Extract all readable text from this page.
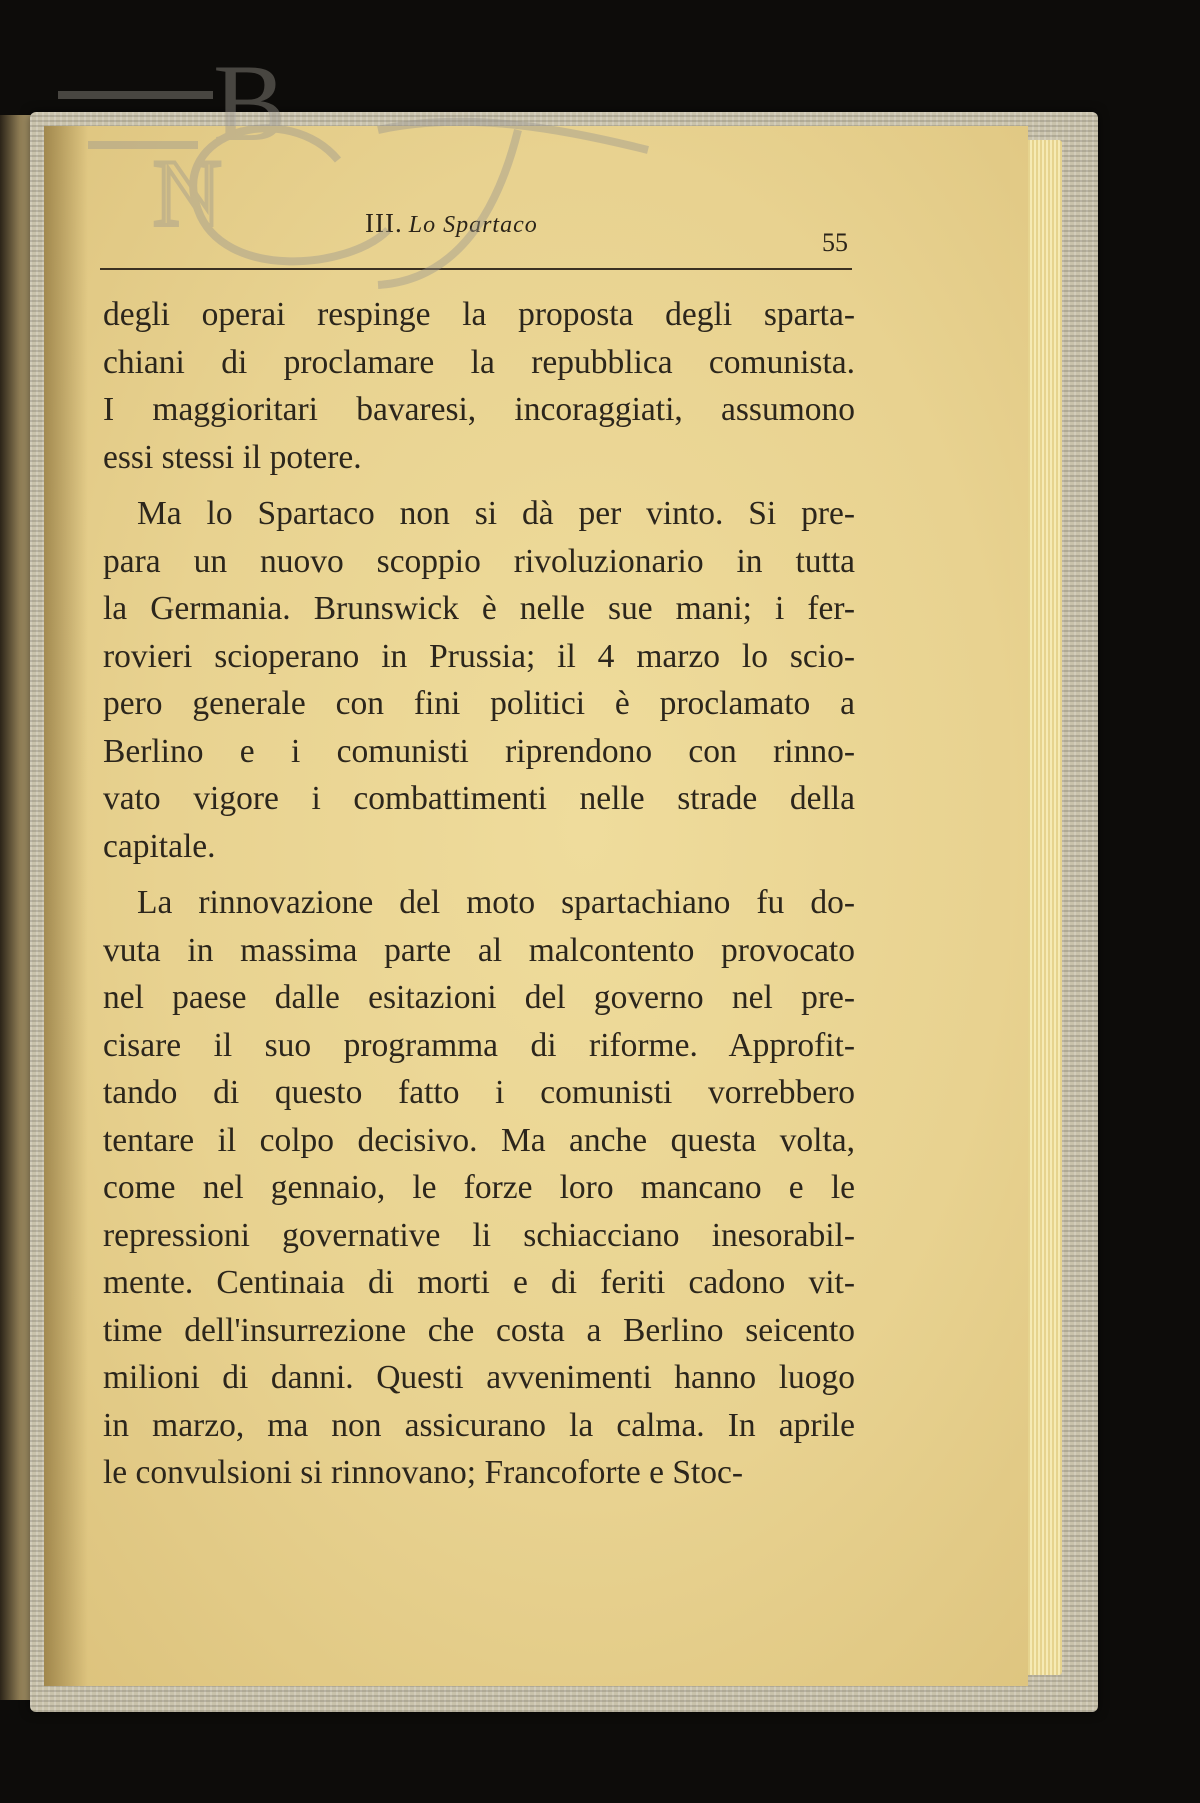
III. Lo Spartaco
55
degli operai respinge la proposta degli sparta-
chiani di proclamare la repubblica comunista.
I maggioritari bavaresi, incoraggiati, assumono
essi stessi il potere.
Ma lo Spartaco non si dà per vinto. Si pre-
para un nuovo scoppio rivoluzionario in tutta
la Germania. Brunswick è nelle sue mani; i fer-
rovieri scioperano in Prussia; il 4 marzo lo scio-
pero generale con fini politici è proclamato a
Berlino e i comunisti riprendono con rinno-
vato vigore i combattimenti nelle strade della
capitale.
La rinnovazione del moto spartachiano fu do-
vuta in massima parte al malcontento provocato
nel paese dalle esitazioni del governo nel pre-
cisare il suo programma di riforme. Approfit-
tando di questo fatto i comunisti vorrebbero
tentare il colpo decisivo. Ma anche questa volta,
come nel gennaio, le forze loro mancano e le
repressioni governative li schiacciano inesorabil-
mente. Centinaia di morti e di feriti cadono vit-
time dell'insurrezione che costa a Berlino seicento
milioni di danni. Questi avvenimenti hanno luogo
in marzo, ma non assicurano la calma. In aprile
le convulsioni si rinnovano; Francoforte e Stoc-
B
N
